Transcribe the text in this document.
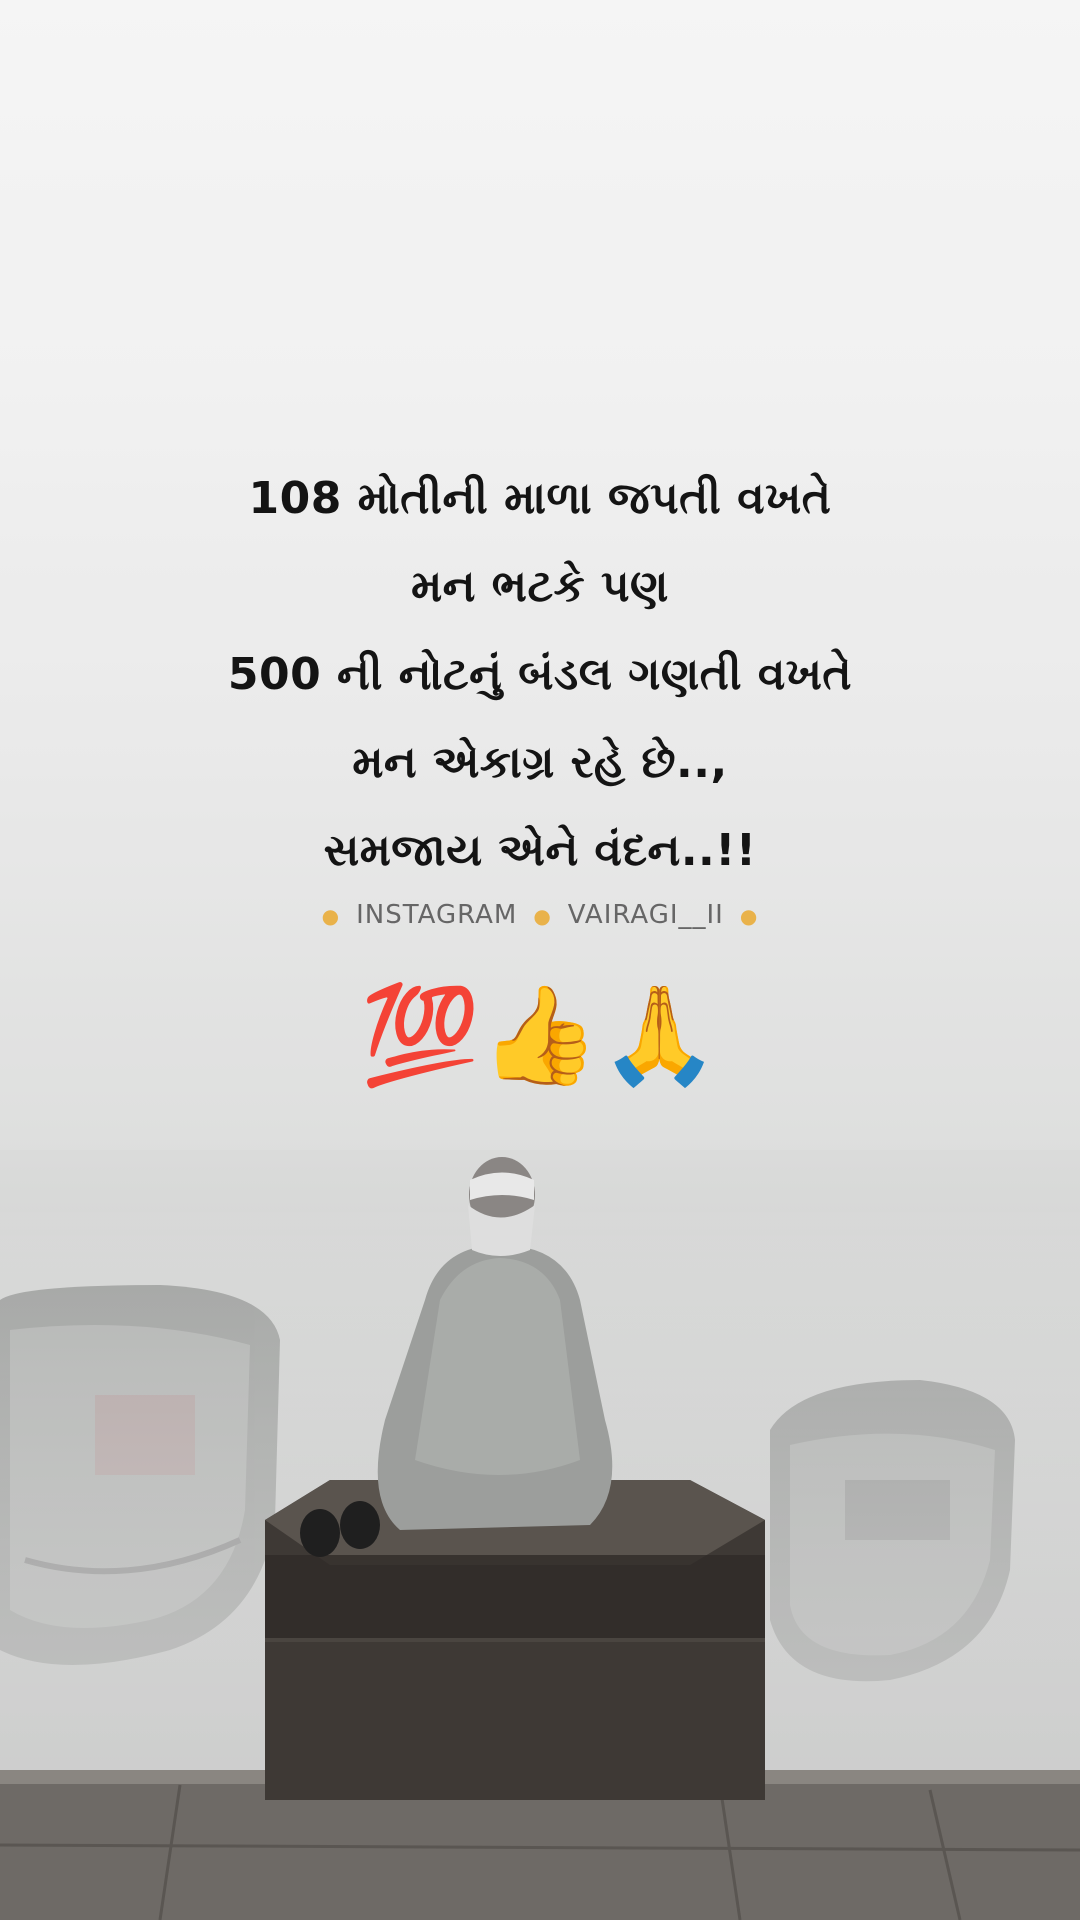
108 મોતીની માળા જપતી વખતે
મન ભટકે પણ
500 ની નોટનું બંડલ ગણતી વખતે
મન એકાગ્ર રહે છે..,
સમજાય એને વંદન..!!
● INSTAGRAM ● VAIRAGI__II ●
💯👍🙏
